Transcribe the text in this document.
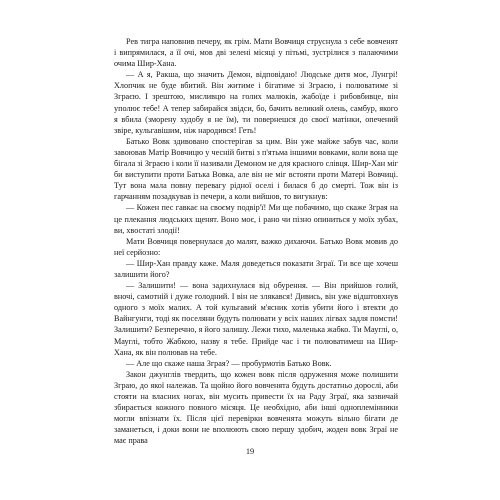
Рев тигра наповнив печеру, як грім. Мати Вовчиця струснула з себе вовченят і випрямилася, а її очі, мов дві зелені місяці у пітьмі, зустрілися з палаючими очима Шир-Хана.

— А я, Ракша, що значить Демон, відповідаю! Людське дитя моє, Лунгрі! Хлопчик не буде вбитий. Він житиме і бігатиме зі Зграєю, і полюватиме зі Зграєю. І зрештою, мисливцю на голих малюків, жабоїде і рибовбивце, він уполює тебе! А тепер забирайся звідси, бо, бачить великий олень, самбур, якого я вбила (зморену худобу я не їм), ти повернешся до своєї матінки, опечений звіре, кульгавішим, ніж народився! Геть!

Батько Вовк здивовано спостерігав за цим. Він уже майже забув час, коли завоював Матір Вовчицю у чесній битві з п'ятьма іншими вовками, коли вона ще бігала зі Зграєю і коли її називали Демоном не для красного слівця. Шир-Хан міг би виступити проти Батька Вовка, але він не міг встояти проти Матері Вовчиці. Тут вона мала повну перевагу рідної оселі і билася б до смерті. Тож він із гарчанням позадкував із печери, а коли вийшов, то вигукнув:

— Кожен пес гавкає на своєму подвір'ї! Ми ще побачимо, що скаже Зграя на це плекання людських щенят. Воно моє, і рано чи пізно опиниться у моїх зубах, ви, хвостаті злодії!

Мати Вовчиця повернулася до малят, важко дихаючи. Батько Вовк мовив до неї серйозно:

— Шир-Хан правду каже. Маля доведеться показати Зграї. Ти все ще хочеш залишити його?

— Залишити! — вона задихнулася від обурення. — Він прийшов голий, вночі, самотній і дуже голодний. І він не злякався! Дивись, він уже відштовхнув одного з моїх малих. А той кульгавий м'ясник хотів убити його і втекти до Вайнгунги, тоді як поселяни будуть полювати у всіх наших лігвах задля помсти! Залишити? Безперечно, я його залишу. Лежи тихо, маленька жабко. Ти Мауглі, о, Мауглі, тобто Жабкою, назву я тебе. Прийде час і ти полюватимеш на Шир-Хана, як він полював на тебе.

— Але що скаже наша Зграя? — пробурмотів Батько Вовк.

Закон джунглів твердить, що кожен вовк після одруження може полишити Зграю, до якої належав. Та щойно його вовченята будуть достатньо дорослі, аби стояти на власних ногах, він мусить привести їх на Раду Зграї, яка зазвичай збирається кожного повного місяця. Це необхідно, аби інші одноплемінники могли впізнати їх. Після цієї перевірки вовченята можуть вільно бігати де заманеться, і доки вони не вполюють свою першу здобич, жоден вовк Зграї не має права

19
